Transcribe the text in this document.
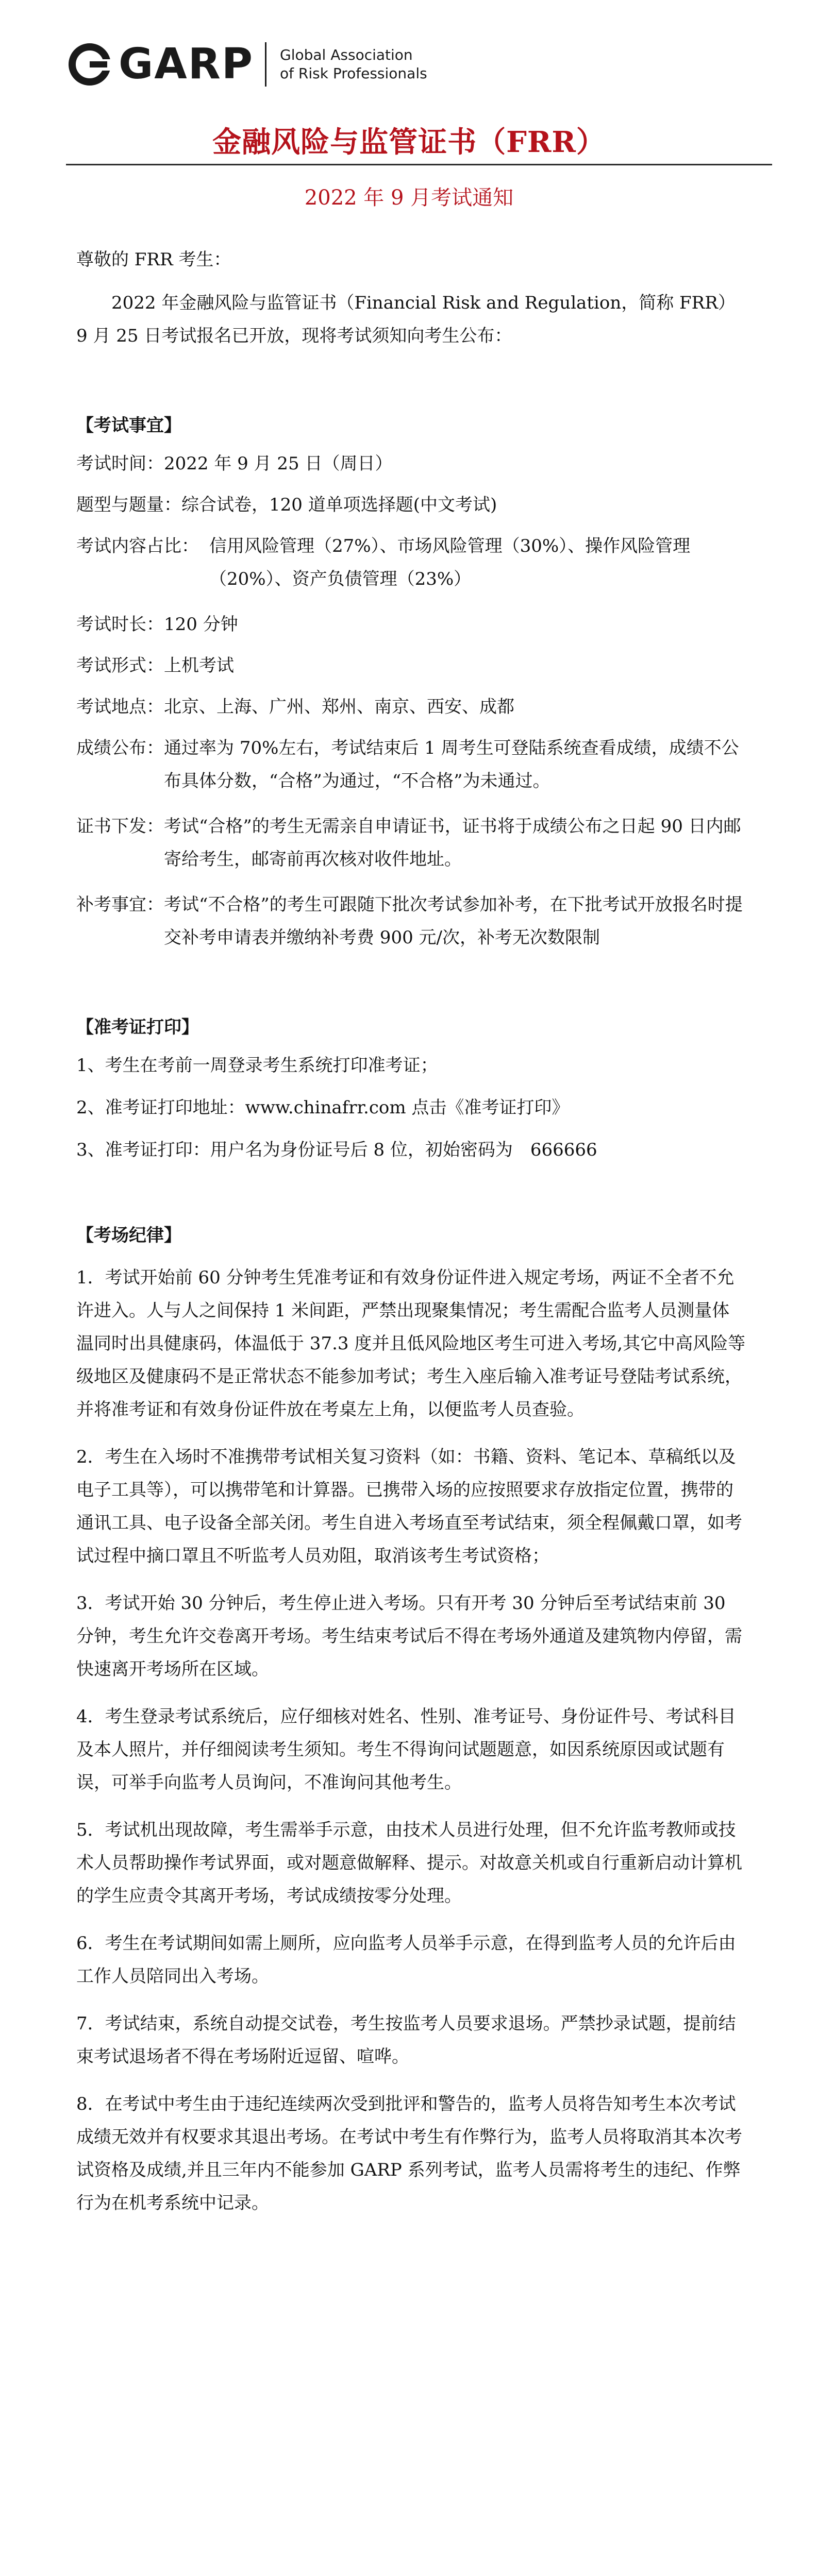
GARP Global Association
of Risk Professionals
金融风险与监管证书（FRR）
2022 年 9 月考试通知

尊敬的 FRR 考生：

2022 年金融风险与监管证书（Financial Risk and Regulation，简称 FRR）9 月 25 日考试报名已开放，现将考试须知向考生公布：

【考试事宜】

考试时间： 2022 年 9 月 25 日（周日）
题型与题量： 综合试卷，120 道单项选择题(中文考试)
考试内容占比： 信用风险管理（27%）、市场风险管理（30%）、操作风险管理（20%）、资产负债管理（23%）
考试时长： 120 分钟
考试形式： 上机考试
考试地点： 北京、上海、广州、郑州、南京、西安、成都
成绩公布： 通过率为 70%左右，考试结束后 1 周考生可登陆系统查看成绩，成绩不公布具体分数，“合格”为通过，“不合格”为未通过。
证书下发： 考试“合格”的考生无需亲自申请证书，证书将于成绩公布之日起 90 日内邮寄给考生，邮寄前再次核对收件地址。
补考事宜： 考试“不合格”的考生可跟随下批次考试参加补考，在下批考试开放报名时提交补考申请表并缴纳补考费 900 元/次，补考无次数限制

【准考证打印】

1、考生在考前一周登录考生系统打印准考证；

2、准考证打印地址：www.chinafrr.com 点击《准考证打印》

3、准考证打印：用户名为身份证号后 8 位，初始密码为　666666

【考场纪律】

1．考试开始前 60 分钟考生凭准考证和有效身份证件进入规定考场，两证不全者不允许进入。人与人之间保持 1 米间距，严禁出现聚集情况；考生需配合监考人员测量体温同时出具健康码，体温低于 37.3 度并且低风险地区考生可进入考场,其它中高风险等级地区及健康码不是正常状态不能参加考试；考生入座后输入准考证号登陆考试系统，并将准考证和有效身份证件放在考桌左上角，以便监考人员查验。

2．考生在入场时不准携带考试相关复习资料（如：书籍、资料、笔记本、草稿纸以及电子工具等），可以携带笔和计算器。已携带入场的应按照要求存放指定位置，携带的通讯工具、电子设备全部关闭。考生自进入考场直至考试结束，须全程佩戴口罩，如考试过程中摘口罩且不听监考人员劝阻，取消该考生考试资格；

3．考试开始 30 分钟后，考生停止进入考场。只有开考 30 分钟后至考试结束前 30 分钟，考生允许交卷离开考场。考生结束考试后不得在考场外通道及建筑物内停留，需快速离开考场所在区域。

4．考生登录考试系统后，应仔细核对姓名、性别、准考证号、身份证件号、考试科目及本人照片，并仔细阅读考生须知。考生不得询问试题题意，如因系统原因或试题有误，可举手向监考人员询问，不准询问其他考生。

5．考试机出现故障，考生需举手示意，由技术人员进行处理，但不允许监考教师或技术人员帮助操作考试界面，或对题意做解释、提示。对故意关机或自行重新启动计算机的学生应责令其离开考场，考试成绩按零分处理。

6．考生在考试期间如需上厕所，应向监考人员举手示意，在得到监考人员的允许后由工作人员陪同出入考场。

7．考试结束，系统自动提交试卷，考生按监考人员要求退场。严禁抄录试题，提前结束考试退场者不得在考场附近逗留、喧哗。

8．在考试中考生由于违纪连续两次受到批评和警告的，监考人员将告知考生本次考试成绩无效并有权要求其退出考场。在考试中考生有作弊行为，监考人员将取消其本次考试资格及成绩,并且三年内不能参加 GARP 系列考试，监考人员需将考生的违纪、作弊行为在机考系统中记录。
